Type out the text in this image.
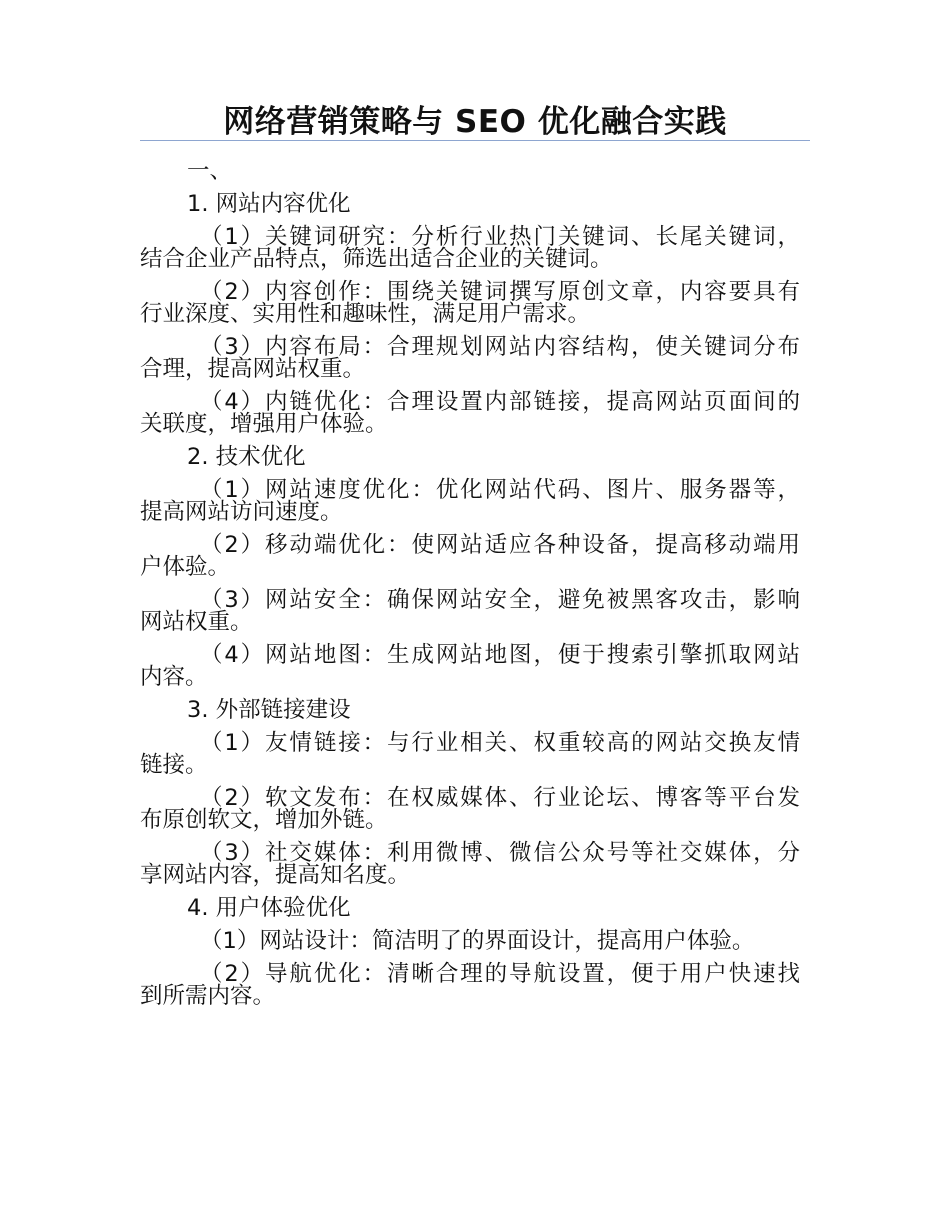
网络营销策略与 SEO 优化融合实践
一、
1. 网站内容优化
（1）关键词研究：分析行业热门关键词、长尾关键词，
结合企业产品特点，筛选出适合企业的关键词。
（2）内容创作：围绕关键词撰写原创文章，内容要具有
行业深度、实用性和趣味性，满足用户需求。
（3）内容布局：合理规划网站内容结构，使关键词分布
合理，提高网站权重。
（4）内链优化：合理设置内部链接，提高网站页面间的
关联度，增强用户体验。
2. 技术优化
（1）网站速度优化：优化网站代码、图片、服务器等，
提高网站访问速度。
（2）移动端优化：使网站适应各种设备，提高移动端用
户体验。
（3）网站安全：确保网站安全，避免被黑客攻击，影响
网站权重。
（4）网站地图：生成网站地图，便于搜索引擎抓取网站
内容。
3. 外部链接建设
（1）友情链接：与行业相关、权重较高的网站交换友情
链接。
（2）软文发布：在权威媒体、行业论坛、博客等平台发
布原创软文，增加外链。
（3）社交媒体：利用微博、微信公众号等社交媒体，分
享网站内容，提高知名度。
4. 用户体验优化
（1）网站设计：简洁明了的界面设计，提高用户体验。
（2）导航优化：清晰合理的导航设置，便于用户快速找
到所需内容。
